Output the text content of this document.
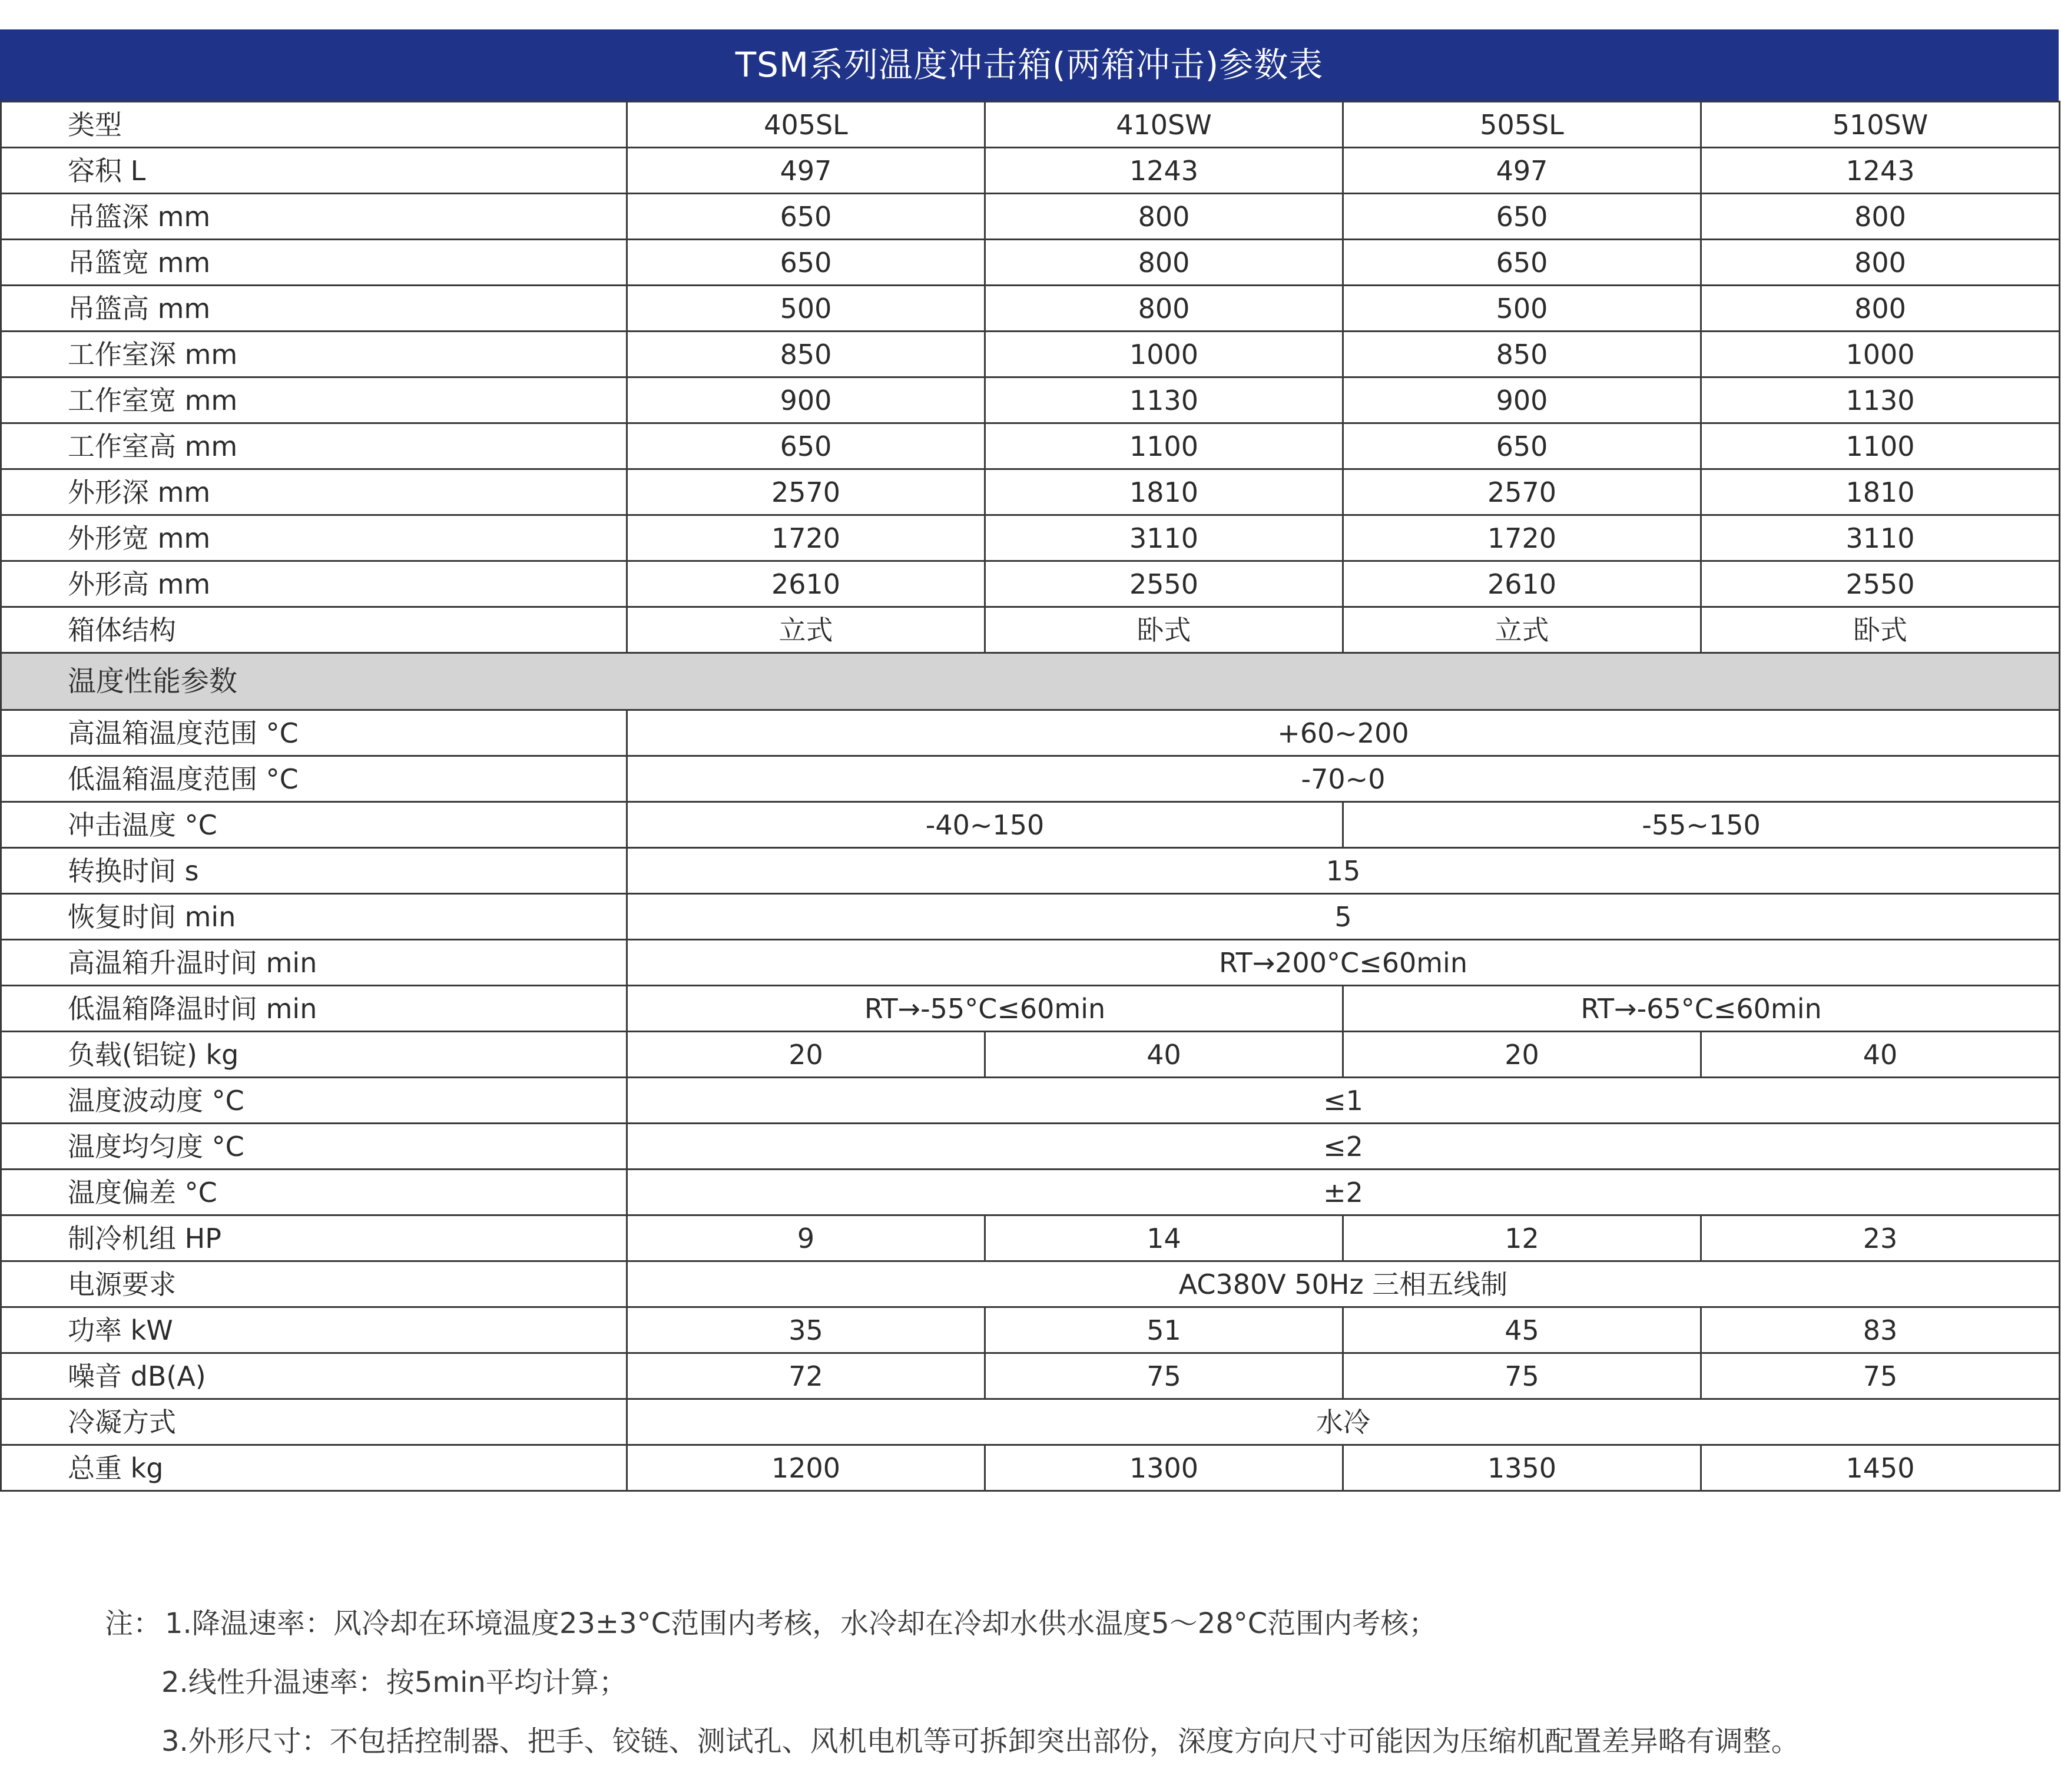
TSM系列温度冲击箱(两箱冲击)参数表
类型	405SL	410SW	505SL	510SW
容积 L	497	1243	497	1243
吊篮深 mm	650	800	650	800
吊篮宽 mm	650	800	650	800
吊篮高 mm	500	800	500	800
工作室深 mm	850	1000	850	1000
工作室宽 mm	900	1130	900	1130
工作室高 mm	650	1100	650	1100
外形深 mm	2570	1810	2570	1810
外形宽 mm	1720	3110	1720	3110
外形高 mm	2610	2550	2610	2550
箱体结构	立式	卧式	立式	卧式
温度性能参数				
高温箱温度范围 °C	+60~200			
低温箱温度范围 °C	-70~0			
冲击温度 °C	-40~150		-55~150	
转换时间 s	15			
恢复时间 min	5			
高温箱升温时间 min	RT→200°C≤60min			
低温箱降温时间 min	RT→-55°C≤60min		RT→-65°C≤60min	
负载(铝锭) kg	20	40	20	40
温度波动度 °C	≤1			
温度均匀度 °C	≤2			
温度偏差 °C	±2			
制冷机组 HP	9	14	12	23
电源要求	AC380V 50Hz 三相五线制			
功率 kW	35	51	45	83
噪音 dB(A)	72	75	75	75
冷凝方式	水冷			
总重 kg	1200	1300	1350	1450
注： 1.降温速率：风冷却在环境温度23±3°C范围内考核，水冷却在冷却水供水温度5～28°C范围内考核；
2.线性升温速率：按5min平均计算；
3.外形尺寸：不包括控制器、把手、铰链、测试孔、风机电机等可拆卸突出部份，深度方向尺寸可能因为压缩机配置差异略有调整。
